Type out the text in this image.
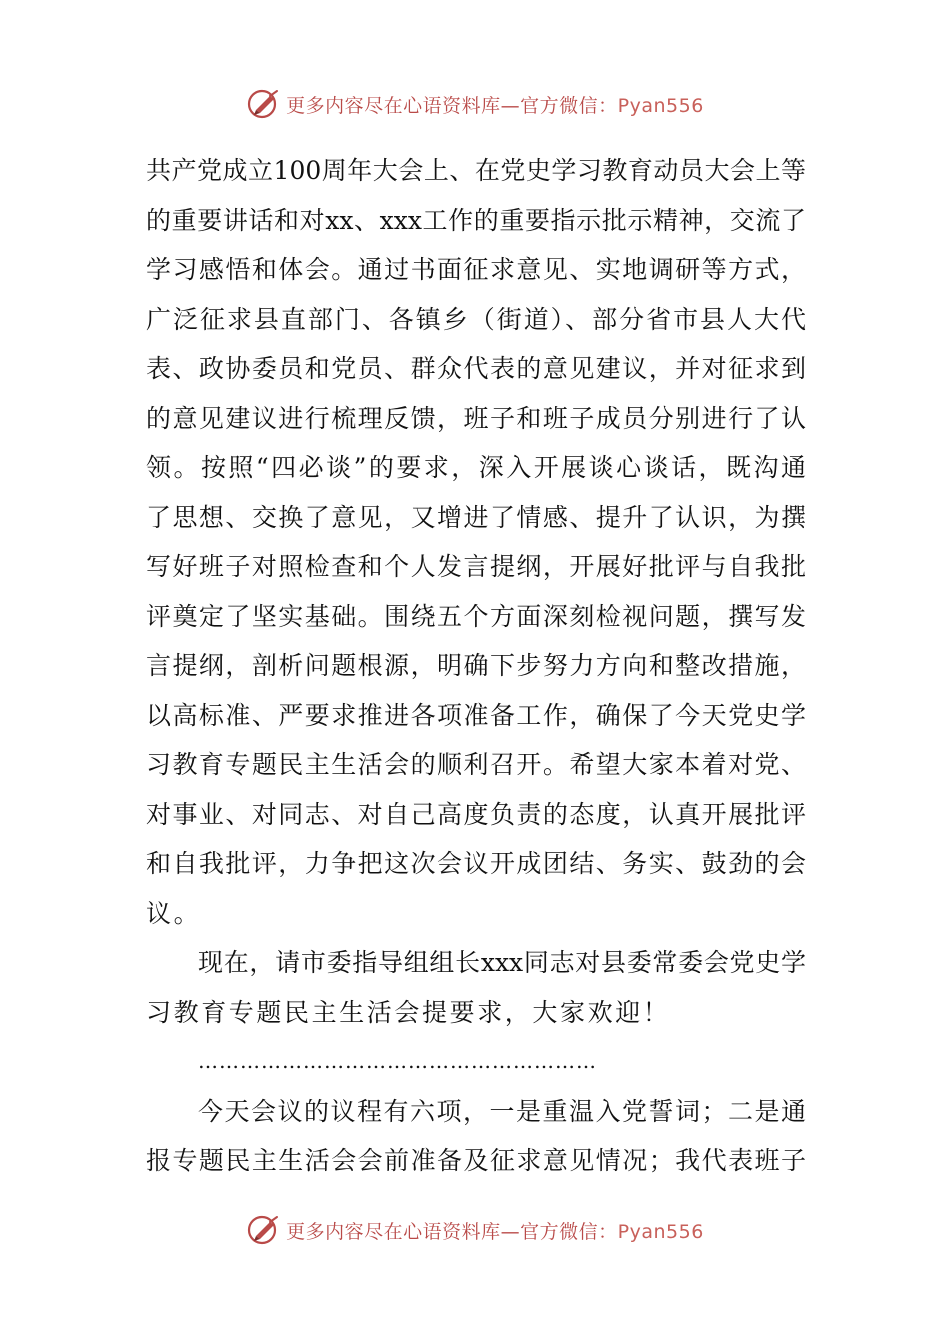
更多内容尽在心语资料库—官方微信：Pyan556
共产党成立100周年大会上、在党史学习教育动员大会上等
的重要讲话和对xx、xxx工作的重要指示批示精神，交流了
学习感悟和体会。通过书面征求意见、实地调研等方式，
广泛征求县直部门、各镇乡（街道）、部分省市县人大代
表、政协委员和党员、群众代表的意见建议，并对征求到
的意见建议进行梳理反馈，班子和班子成员分别进行了认
领。按照“四必谈”的要求，深入开展谈心谈话，既沟通
了思想、交换了意见，又增进了情感、提升了认识，为撰
写好班子对照检查和个人发言提纲，开展好批评与自我批
评奠定了坚实基础。围绕五个方面深刻检视问题，撰写发
言提纲，剖析问题根源，明确下步努力方向和整改措施，
以高标准、严要求推进各项准备工作，确保了今天党史学
习教育专题民主生活会的顺利召开。希望大家本着对党、
对事业、对同志、对自己高度负责的态度，认真开展批评
和自我批评，力争把这次会议开成团结、务实、鼓劲的会
议。
现在，请市委指导组组长xxx同志对县委常委会党史学
习教育专题民主生活会提要求，大家欢迎！
…………………………………………………
今天会议的议程有六项，一是重温入党誓词；二是通
报专题民主生活会会前准备及征求意见情况；我代表班子
更多内容尽在心语资料库—官方微信：Pyan556
